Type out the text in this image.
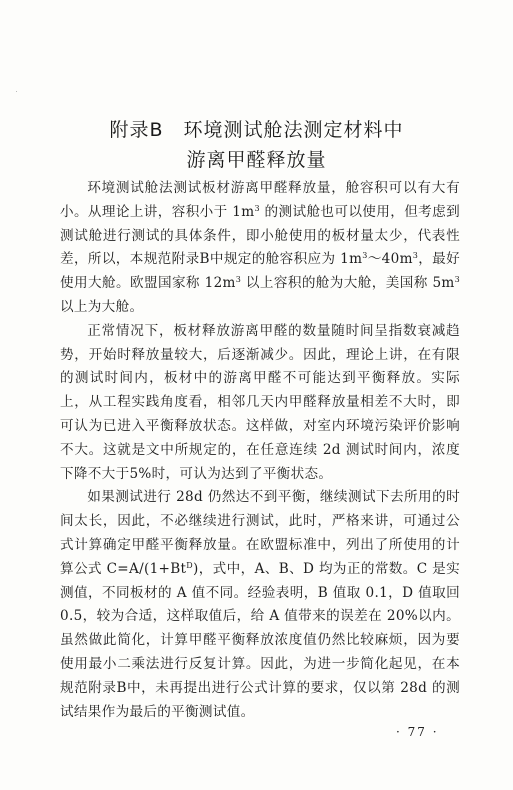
附录B　环境测试舱法测定材料中
游离甲醛释放量

环境测试舱法测试板材游离甲醛释放量，舱容积可以有大有小。从理论上讲，容积小于 $1m^3$ 的测试舱也可以使用，但考虑到测试舱进行测试的具体条件，即小舱使用的板材量太少，代表性差，所以，本规范附录B中规定的舱容积应为 $1m^3\sim 40m^3$，最好使用大舱。欧盟国家称 $12m^3$ 以上容积的舱为大舱，美国称 $5m^3$ 以上为大舱。

正常情况下，板材释放游离甲醛的数量随时间呈指数衰减趋势，开始时释放量较大，后逐渐减少。因此，理论上讲，在有限的测试时间内，板材中的游离甲醛不可能达到平衡释放。实际上，从工程实践角度看，相邻几天内甲醛释放量相差不大时，即可认为已进入平衡释放状态。这样做，对室内环境污染评价影响不大。这就是文中所规定的，在任意连续 2d 测试时间内，浓度下降不大于5%时，可认为达到了平衡状态。

如果测试进行 28d 仍然达不到平衡，继续测试下去所用的时间太长，因此，不必继续进行测试，此时，严格来讲，可通过公式计算确定甲醛平衡释放量。在欧盟标准中，列出了所使用的计算公式 $C=A/(1+Bt^D)$，式中，A、B、D 均为正的常数。C 是实测值，不同板材的 A 值不同。经验表明，B 值取 0.1，D 值取回 0.5，较为合适，这样取值后，给 A 值带来的误差在 20%以内。虽然做此简化，计算甲醛平衡释放浓度值仍然比较麻烦，因为要使用最小二乘法进行反复计算。因此，为进一步简化起见，在本规范附录B中，未再提出进行公式计算的要求，仅以第 28d 的测试结果作为最后的平衡测试值。

· 77 ·
